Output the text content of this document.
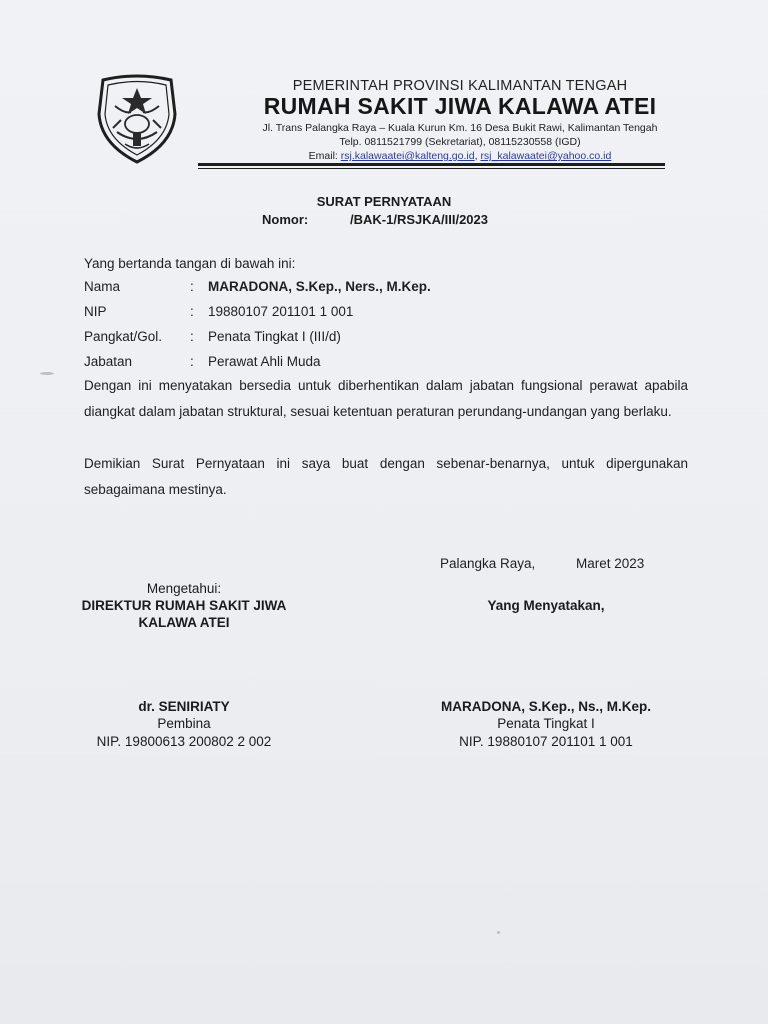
PEMERINTAH PROVINSI KALIMANTAN TENGAH
RUMAH SAKIT JIWA KALAWA ATEI
Jl. Trans Palangka Raya – Kuala Kurun Km. 16 Desa Bukit Rawi, Kalimantan Tengah
Telp. 0811521799 (Sekretariat), 08115230558 (IGD)
Email: rsj.kalawaatei@kalteng.go.id, rsj_kalawaatei@yahoo.co.id
SURAT PERNYATAAN
Nomor:	/BAK-1/RSJKA/III/2023
Yang bertanda tangan di bawah ini:
Nama	: MARADONA, S.Kep., Ners., M.Kep.
NIP	: 19880107 201101 1 001
Pangkat/Gol. : Penata Tingkat I (III/d)
Jabatan	: Perawat Ahli Muda
Dengan ini menyatakan bersedia untuk diberhentikan dalam jabatan fungsional perawat apabila diangkat dalam jabatan struktural, sesuai ketentuan peraturan perundang-undangan yang berlaku.
Demikian Surat Pernyataan ini saya buat dengan sebenar-benarnya, untuk dipergunakan sebagaimana mestinya.
Palangka Raya,	Maret 2023
Mengetahui:
DIREKTUR RUMAH SAKIT JIWA
KALAWA ATEI
dr. SENIRIATY
Pembina
NIP. 19800613 200802 2 002
Yang Menyatakan,
MARADONA, S.Kep., Ns., M.Kep.
Penata Tingkat I
NIP. 19880107 201101 1 001
